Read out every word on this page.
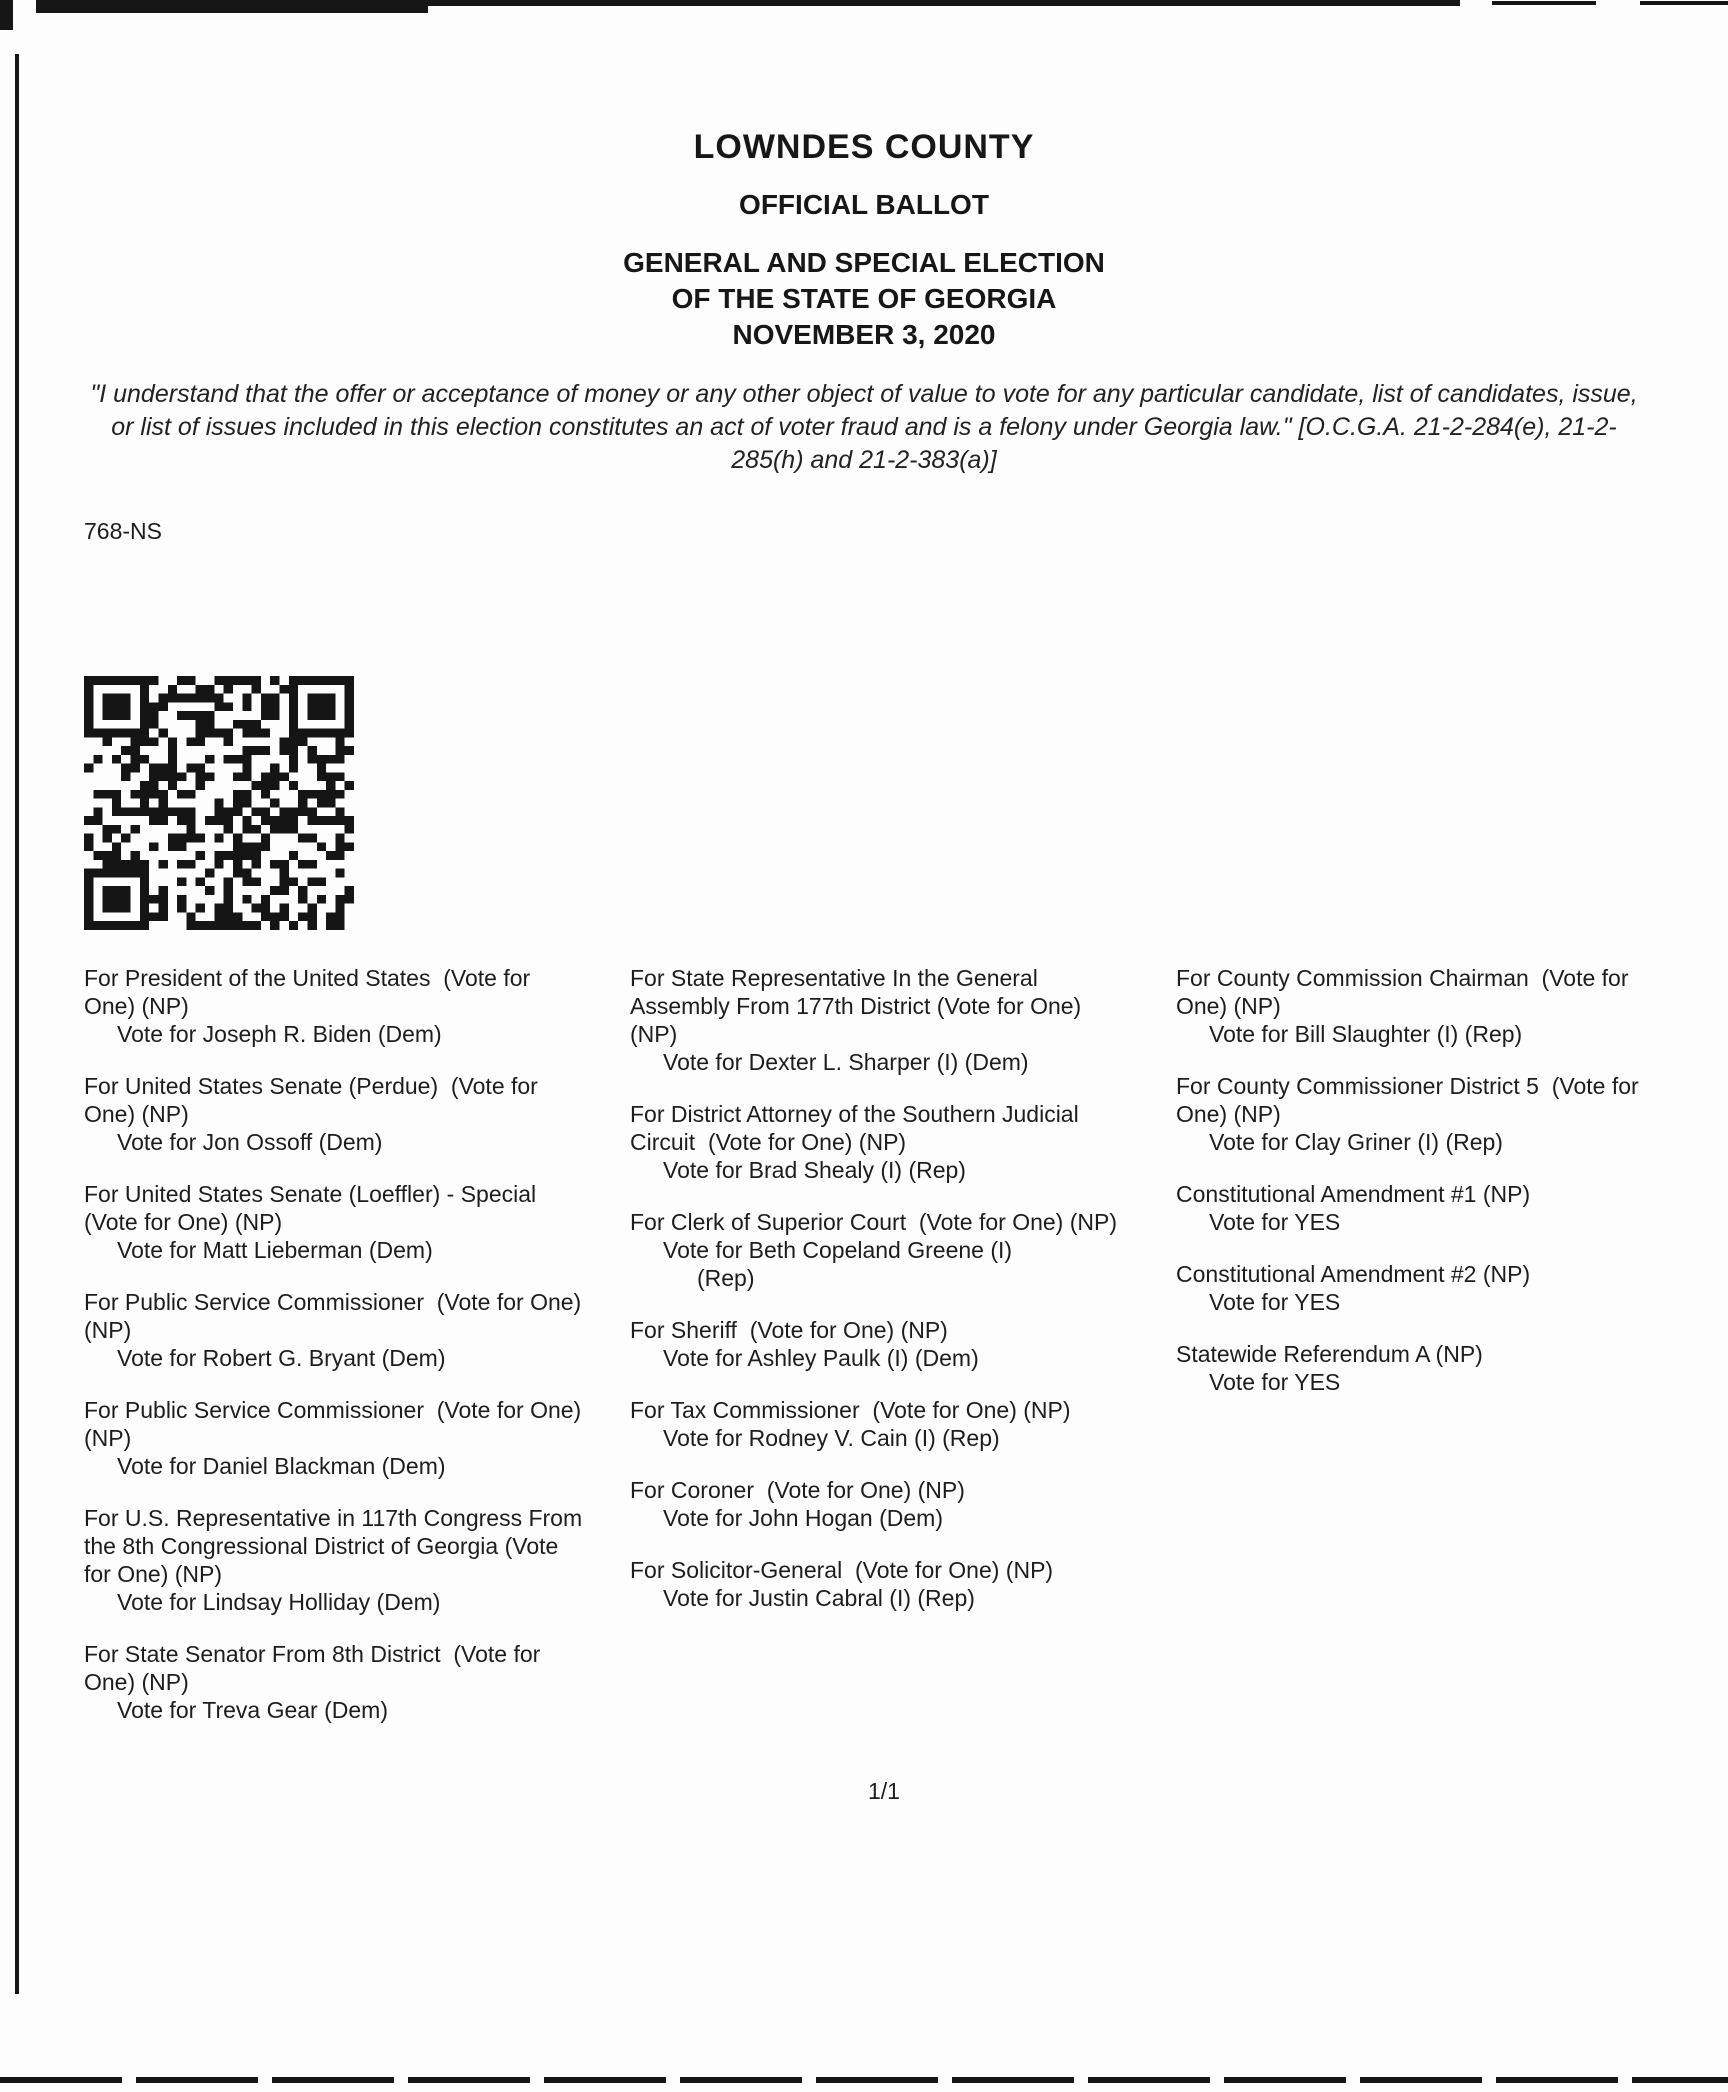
LOWNDES COUNTY
OFFICIAL BALLOT
GENERAL AND SPECIAL ELECTION
OF THE STATE OF GEORGIA
NOVEMBER 3, 2020
"I understand that the offer or acceptance of money or any other object of value to vote for any particular candidate, list of candidates, issue, or list of issues included in this election constitutes an act of voter fraud and is a felony under Georgia law." [O.C.G.A. 21-2-284(e), 21-2-285(h) and 21-2-383(a)]
768-NS
For President of the United States  (Vote for One) (NP)
Vote for Joseph R. Biden (Dem)
For United States Senate (Perdue)  (Vote for One) (NP)
Vote for Jon Ossoff (Dem)
For United States Senate (Loeffler) - Special  (Vote for One) (NP)
Vote for Matt Lieberman (Dem)
For Public Service Commissioner  (Vote for One) (NP)
Vote for Robert G. Bryant (Dem)
For Public Service Commissioner  (Vote for One) (NP)
Vote for Daniel Blackman (Dem)
For U.S. Representative in 117th Congress From the 8th Congressional District of Georgia (Vote for One) (NP)
Vote for Lindsay Holliday (Dem)
For State Senator From 8th District  (Vote for One) (NP)
Vote for Treva Gear (Dem)
For State Representative In the General Assembly From 177th District (Vote for One) (NP)
Vote for Dexter L. Sharper (I) (Dem)
For District Attorney of the Southern Judicial Circuit  (Vote for One) (NP)
Vote for Brad Shealy (I) (Rep)
For Clerk of Superior Court  (Vote for One) (NP)
Vote for Beth Copeland Greene (I) (Rep)
For Sheriff  (Vote for One) (NP)
Vote for Ashley Paulk (I) (Dem)
For Tax Commissioner  (Vote for One) (NP)
Vote for Rodney V. Cain (I) (Rep)
For Coroner  (Vote for One) (NP)
Vote for John Hogan (Dem)
For Solicitor-General  (Vote for One) (NP)
Vote for Justin Cabral (I) (Rep)
For County Commission Chairman  (Vote for One) (NP)
Vote for Bill Slaughter (I) (Rep)
For County Commissioner District 5  (Vote for One) (NP)
Vote for Clay Griner (I) (Rep)
Constitutional Amendment #1 (NP)
Vote for YES
Constitutional Amendment #2 (NP)
Vote for YES
Statewide Referendum A (NP)
Vote for YES
1/1
